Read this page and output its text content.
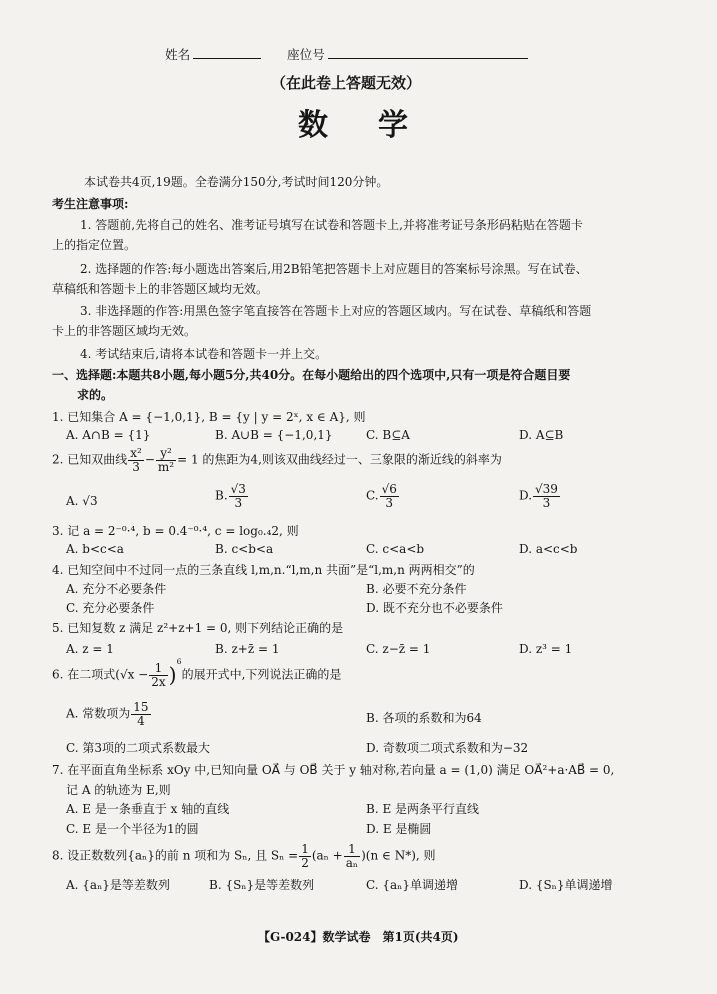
姓名	座位号
（在此卷上答题无效）
数　学
本试卷共4页,19题。全卷满分150分,考试时间120分钟。
考生注意事项:
1. 答题前,先将自己的姓名、准考证号填写在试卷和答题卡上,并将准考证号条形码粘贴在答题卡
上的指定位置。
2. 选择题的作答:每小题选出答案后,用2B铅笔把答题卡上对应题目的答案标号涂黑。写在试卷、
草稿纸和答题卡上的非答题区域均无效。
3. 非选择题的作答:用黑色签字笔直接答在答题卡上对应的答题区域内。写在试卷、草稿纸和答题
卡上的非答题区域均无效。
4. 考试结束后,请将本试卷和答题卡一并上交。
一、选择题:本题共8小题,每小题5分,共40分。在每小题给出的四个选项中,只有一项是符合题目要
求的。
1. 已知集合 A = {−1,0,1}, B = {y | y = 2ˣ, x ∈ A}, 则
A. A∩B = {1}	B. A∪B = {−1,0,1}	C. B⊆A	D. A⊆B
2. 已知双曲线 $\frac{\text{x²}}{3} - \frac{\text{y²}}{\text{m²}} = 1$ 的焦距为4,则该双曲线经过一、三象限的渐近线的斜率为
A. √3	B. $\frac{√3}{3}$	C. $\frac{√6}{3}$	D. $\frac{√39}{3}$
3. 记 a = 2⁻⁰·⁴, b = 0.4⁻⁰·⁴, c = log₀.₄2, 则
A. b<c<a	B. c<b<a	C. c<a<b	D. a<c<b
4. 已知空间中不过同一点的三条直线 l,m,n.“l,m,n 共面”是“l,m,n 两两相交”的
A. 充分不必要条件	B. 必要不充分条件
C. 充分必要条件	D. 既不充分也不必要条件
5. 已知复数 z 满足 z²+z+1 = 0, 则下列结论正确的是
A. z = 1	B. z+z̄ = 1	C. z−z̄ = 1	D. z³ = 1
6. 在二项式$(√x - \frac{1}{2x} )^6$的展开式中,下列说法正确的是
A. 常数项为 $\frac{15}{4}$	B. 各项的系数和为64
C. 第3项的二项式系数最大	D. 奇数项二项式系数和为−32
7. 在平面直角坐标系 xOy 中,已知向量 OA⃗ 与 OB⃗ 关于 y 轴对称,若向量 a = (1,0) 满足 OA⃗²+a·AB⃗ = 0,
记 A 的轨迹为 E,则
A. E 是一条垂直于 x 轴的直线	B. E 是两条平行直线
C. E 是一个半径为1的圆	D. E 是椭圆
8. 设正数数列{aₙ}的前 n 项和为 Sₙ, 且 $S_n = \frac{1}{2} (a_n + \frac{1}{\text{aₙ}} )(n$ ∈ N*), 则
A. {aₙ}是等差数列	B. {Sₙ}是等差数列	C. {aₙ}单调递增	D. {Sₙ}单调递增
【G-024】数学试卷　第1页(共4页)
